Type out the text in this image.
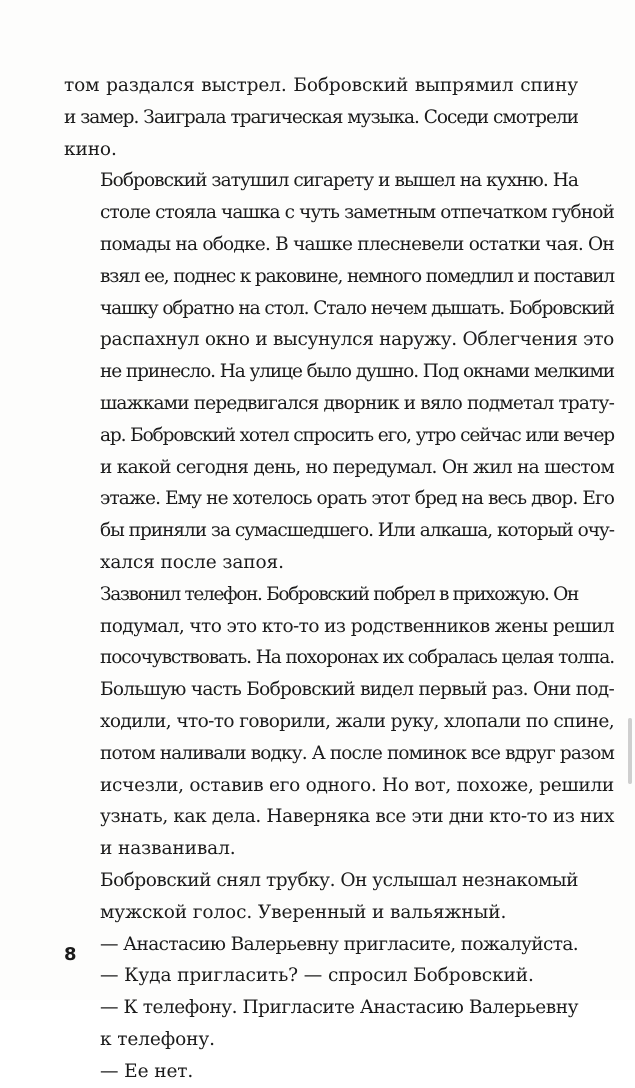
том раздался выстрел. Бобровский выпрямил спину
и замер. Заиграла трагическая музыка. Соседи смотрели
кино.

Бобровский затушил сигарету и вышел на кухню. На
столе стояла чашка с чуть заметным отпечатком губной
помады на ободке. В чашке плесневели остатки чая. Он
взял ее, поднес к раковине, немного помедлил и поставил
чашку обратно на стол. Стало нечем дышать. Бобровский
распахнул окно и высунулся наружу. Облегчения это
не принесло. На улице было душно. Под окнами мелкими
шажками передвигался дворник и вяло подметал трату-
ар. Бобровский хотел спросить его, утро сейчас или вечер
и какой сегодня день, но передумал. Он жил на шестом
этаже. Ему не хотелось орать этот бред на весь двор. Его
бы приняли за сумасшедшего. Или алкаша, который очу-
хался после запоя.

Зазвонил телефон. Бобровский побрел в прихожую. Он
подумал, что это кто-то из родственников жены решил
посочувствовать. На похоронах их собралась целая толпа.
Большую часть Бобровский видел первый раз. Они под-
ходили, что-то говорили, жали руку, хлопали по спине,
потом наливали водку. А после поминок все вдруг разом
исчезли, оставив его одного. Но вот, похоже, решили
узнать, как дела. Наверняка все эти дни кто-то из них
и названивал.

Бобровский снял трубку. Он услышал незнакомый
мужской голос. Уверенный и вальяжный.

— Анастасию Валерьевну пригласите, пожалуйста.

— Куда пригласить? — спросил Бобровский.

— К телефону. Пригласите Анастасию Валерьевну
к телефону.

— Ее нет.

8
